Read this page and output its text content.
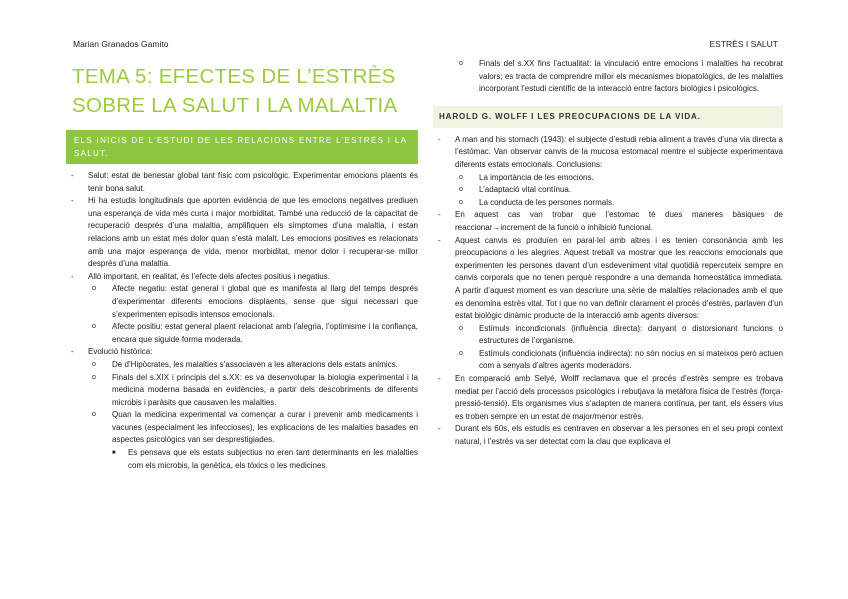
Marian Granados Gamito	ESTRÈS I SALUT
TEMA 5: EFECTES DE L’ESTRÈS
SOBRE LA SALUT I LA MALALTIA
ELS INICIS DE L’ESTUDI DE LES RELACIONS ENTRE L’ESTRÈS I LA SALUT.
- Salut: estat de benestar global tant físic com psicològic. Experimentar emocions plaents és tenir bona salut.
- Hi ha estudis longitudinals que aporten evidència de que les emocions negatives prediuen una esperança de vida més curta i major morbiditat. També una reducció de la capacitat de recuperació després d’una malaltia, amplifiquen els símptomes d’una malaltia, i estan relacions amb un estat més dolor quan s’està malalt. Les emocions positives es relacionats amb una major esperança de vida, menor morbiditat, menor dolor i recuperar-se millor després d’una malaltia.
- Allò important, en realitat, és l’efecte dels afectes positius i negatius.
o Afecte negatiu: estat general i global que es manifesta al llarg del temps després d’experimentar diferents emocions displaents, sense que sigui necessari que s’experimenten episodis intensos emocionals.
o Afecte positiu: estat general plaent relacionat amb l’alegria, l’optimisme i la confiança, encara que siguide forma moderada.
- Evolució històrica:
o De d’Hipòcrates, les malalties s’associaven a les alteracions dels estats anímics.
o Finals del s.XIX i principis del s.XX: es va desenvolupar la biologia experimental i la medicina moderna basada en evidències, a partir dels descobriments de diferents microbis i paràsits que causaven les malalties.
o Quan la medicina experimental va començar a curar i prevenir amb medicaments i vacunes (especialment les infeccioses), les explicacions de les malalties basades en aspectes psicològics van ser desprestigiades.
■ Es pensava que els estats subjectius no eren tant determinants en les malalties com els microbis, la genètica, els tòxics o les medicines.
o Finals del s.XX fins l’actualitat: la vinculació entre emocions i malalties ha recobrat valors; es tracta de comprendre millor els mecanismes biopatològics, de les malalties incorporant l’estudi científic de la interacció entre factors biològics i psicològics.
HAROLD G. WOLFF I LES PREOCUPACIONS DE LA VIDA.
- A man and his stomach (1943): el subjecte d’estudi rebia aliment a través d’una via directa a l’estómac. Van observar canvis de la mucosa estomacal mentre el subjecte experimentava diferents estats emocionals. Conclusions:
o La importància de les emocions.
o L’adaptació vital contínua.
o La conducta de les persones normals.
- En aquest cas van trobar que l’estomac té dues maneres bàsiques de reaccionar→increment de la funció o inhibició funcional.
- Aquest canvis es produïen en paral·lel amb altres i es tenien consonància amb les preocupacions o les alegries. Aquest treball va mostrar que les reaccions emocionals que experimenten les persones davant d’un esdeveniment vital quotidià repercuteix sempre en canvis corporals que no tenen perquè respondre a una demanda homeostàtica immediata. A partir d’aquest moment es van descriure una sèrie de malalties relacionades amb el que es denomina estrès vital. Tot i que no van definir clarament el procés d’estrès, parlaven d’un estat biològic dinàmic producte de la interacció amb agents diversos:
o Estímuls incondicionals (influència directa): danyant o distorsionant funcions o estructures de l’organisme.
o Estímuls condicionats (influència indirecta): no són nocius en si mateixos però actuen com a senyals d’altres agents moderadors.
- En comparació amb Selyé, Wolff reclamava que el procés d’estrès sempre es trobava mediat per l’acció dels processos psicològics i rebutjava la metàfora física de l’estrès (força-pressió-tensió). Els organismes vius s’adapten de manera contínua, per tant, els éssers vius es troben sempre en un estat de major/menor estrès.
- Durant els 60s, els estudis es centraven en observar a les persones en el seu propi context natural, i l’estrès va ser detectat com la clau que explicava el
